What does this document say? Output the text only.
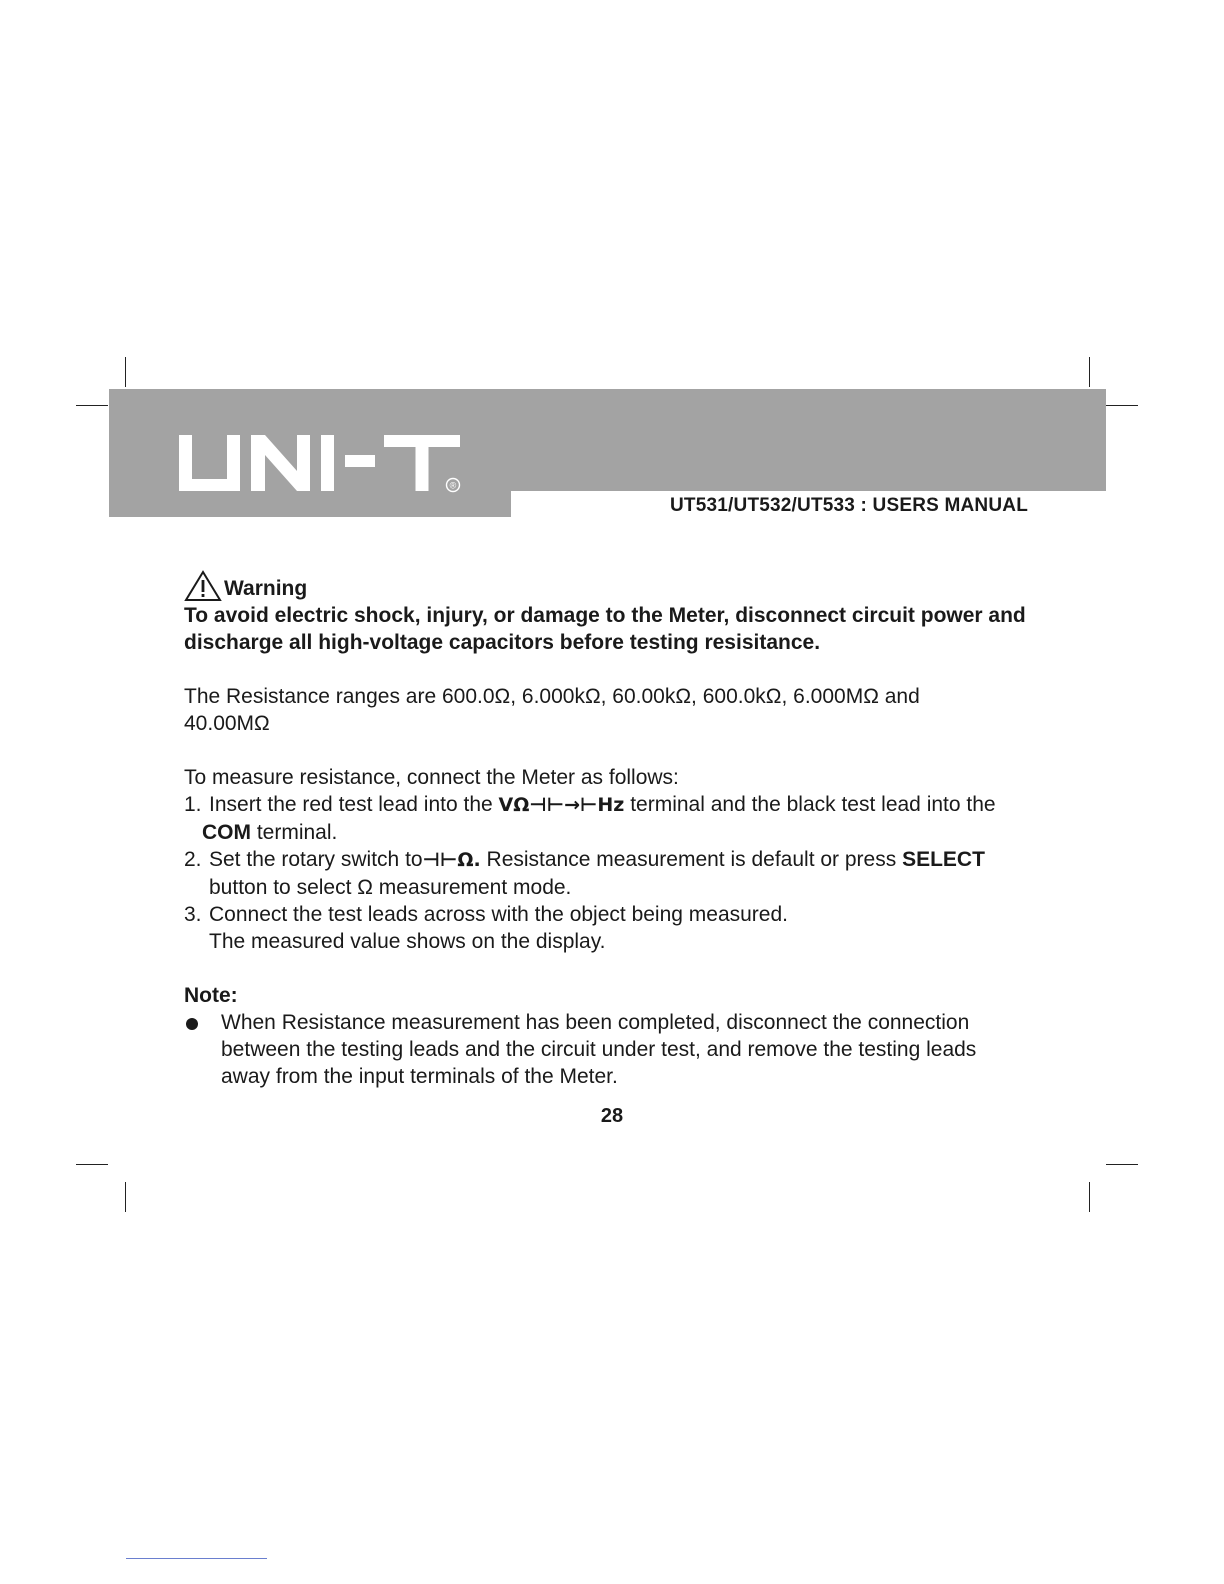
®
UT531/UT532/UT533 : USERS MANUAL
Warning
To avoid electric shock, injury, or damage to the Meter, disconnect circuit power and discharge all high-voltage capacitors before testing resisitance.
The Resistance ranges are 600.0Ω, 6.000kΩ, 60.00kΩ, 600.0kΩ, 6.000MΩ and
40.00MΩ
To measure resistance, connect the Meter as follows:
1. Insert the red test lead into the VΩ⊣⊢→⊢Hz terminal and the black test lead into the
COM terminal.
2. Set the rotary switch to⊣⊢Ω. Resistance measurement is default or press SELECT
button to select Ω measurement mode.
3. Connect the test leads across with the object being measured.
The measured value shows on the display.
Note:
When Resistance measurement has been completed, disconnect the connection between the testing leads and the circuit under test, and remove the testing leads away from the input terminals of the Meter.
28
